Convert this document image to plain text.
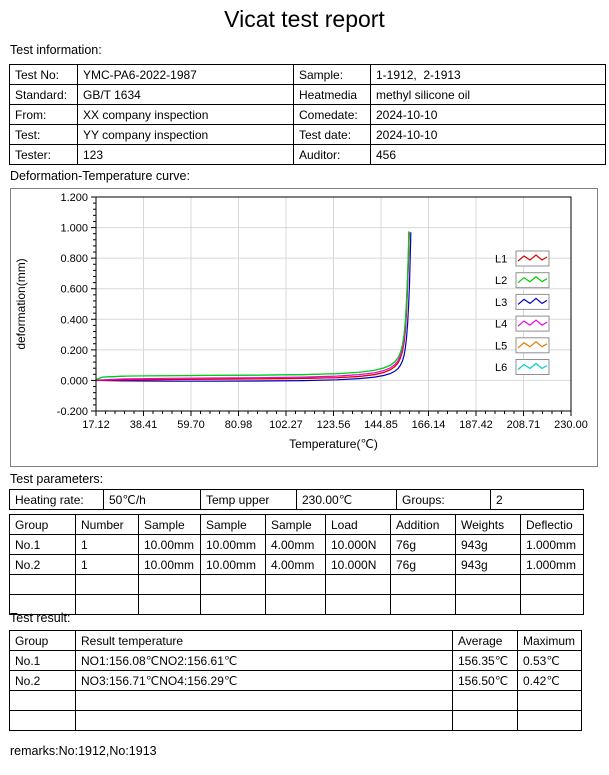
Vicat test report
Test information:
Test No:	YMC-PA6-2022-1987	Sample:	1-1912,  2-1913
Standard:	GB/T 1634	Heatmedia	methyl silicone oil
From:	XX company inspection	Comedate:	2024-10-10
Test:	YY company inspection	Test date:	2024-10-10
Tester:	123	Auditor:	456
Deformation-Temperature curve:
17.12 38.41 59.70 80.98 102.27 123.56 144.85 166.14 187.42 208.71 230.00
-0.200
0.000
0.200
0.400
0.600
0.800
1.000
1.200
Temperature(℃)
deformation(mm)	L1
L2
L3
L4
L5
L6
Test parameters:
Heating rate:	50℃/h	Temp upper	230.00℃	Groups:	2
Group	Number	Sample	Sample	Sample	Load	Addition	Weights	Deflectio
No.1	1	10.00mm	10.00mm	4.00mm	10.000N	76g	943g	1.000mm
No.2	1	10.00mm	10.00mm	4.00mm	10.000N	76g	943g	1.000mm

Test result:
Group	Result temperature	Average	Maximum
No.1	NO1:156.08℃NO2:156.61℃	156.35℃	0.53℃
No.2	NO3:156.71℃NO4:156.29℃	156.50℃	0.42℃

remarks:No:1912,No:1913
